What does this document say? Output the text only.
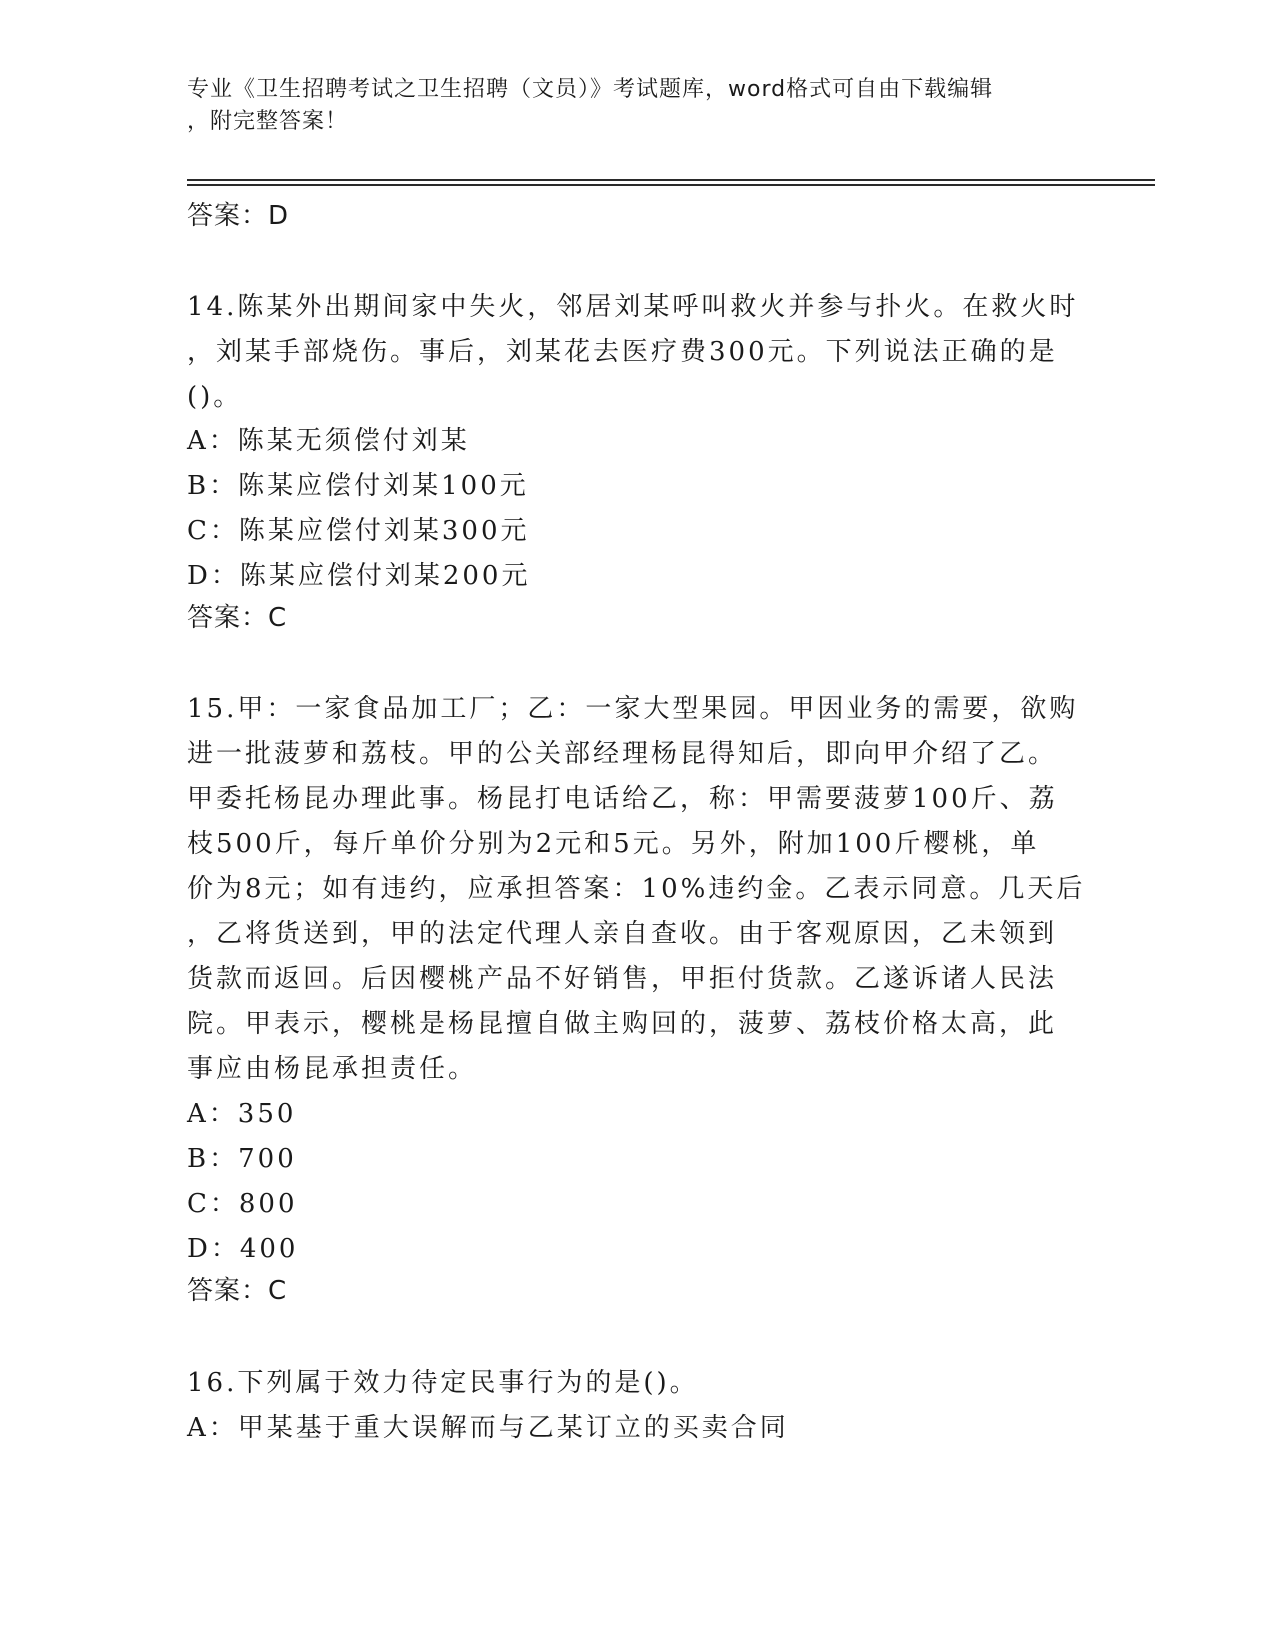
专业《卫生招聘考试之卫生招聘（文员）》考试题库，word格式可自由下载编辑
，附完整答案！
答案：D
14.陈某外出期间家中失火，邻居刘某呼叫救火并参与扑火。在救火时
，刘某手部烧伤。事后，刘某花去医疗费300元。下列说法正确的是
()。
A：陈某无须偿付刘某
B：陈某应偿付刘某100元
C：陈某应偿付刘某300元
D：陈某应偿付刘某200元
答案：C
15.甲：一家食品加工厂；乙：一家大型果园。甲因业务的需要，欲购
进一批菠萝和荔枝。甲的公关部经理杨昆得知后，即向甲介绍了乙。
甲委托杨昆办理此事。杨昆打电话给乙，称：甲需要菠萝100斤、荔
枝500斤，每斤单价分别为2元和5元。另外，附加100斤樱桃，单
价为8元；如有违约，应承担答案：10%违约金。乙表示同意。几天后
，乙将货送到，甲的法定代理人亲自查收。由于客观原因，乙未领到
货款而返回。后因樱桃产品不好销售，甲拒付货款。乙遂诉诸人民法
院。甲表示，樱桃是杨昆擅自做主购回的，菠萝、荔枝价格太高，此
事应由杨昆承担责任。
A：350
B：700
C：800
D：400
答案：C
16.下列属于效力待定民事行为的是()。
A：甲某基于重大误解而与乙某订立的买卖合同
